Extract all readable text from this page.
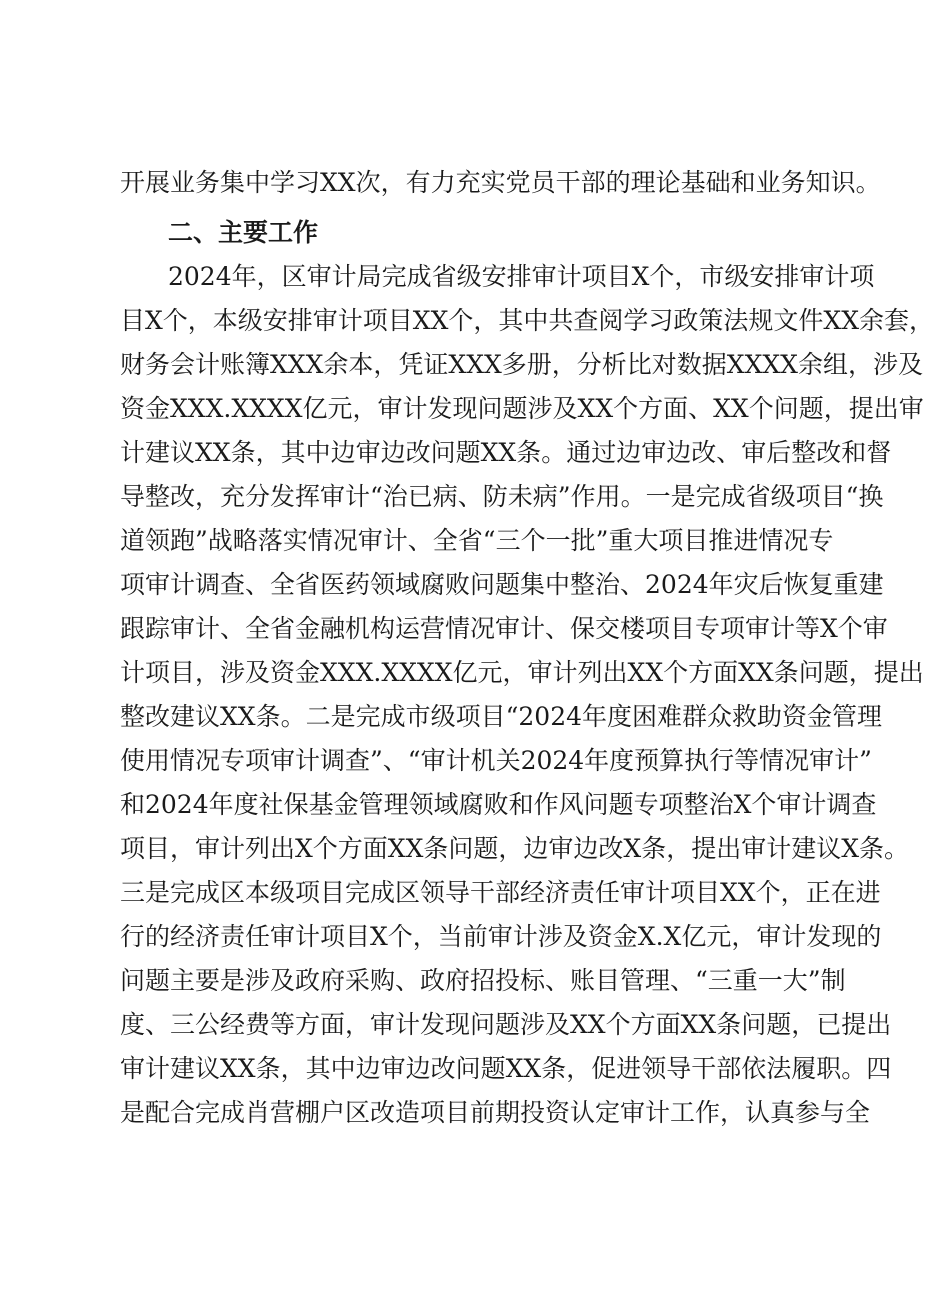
开展业务集中学习XX次，有力充实党员干部的理论基础和业务知识。
二、主要工作
2024年，区审计局完成省级安排审计项目X个，市级安排审计项
目X个，本级安排审计项目XX个，其中共查阅学习政策法规文件XX余套，
财务会计账簿XXX余本，凭证XXX多册，分析比对数据XXXX余组，涉及
资金XXX.XXXX亿元，审计发现问题涉及XX个方面、XX个问题，提出审
计建议XX条，其中边审边改问题XX条。通过边审边改、审后整改和督
导整改，充分发挥审计“治已病、防未病”作用。一是完成省级项目“换
道领跑”战略落实情况审计、全省“三个一批”重大项目推进情况专
项审计调查、全省医药领域腐败问题集中整治、2024年灾后恢复重建
跟踪审计、全省金融机构运营情况审计、保交楼项目专项审计等X个审
计项目，涉及资金XXX.XXXX亿元，审计列出XX个方面XX条问题，提出
整改建议XX条。二是完成市级项目“2024年度困难群众救助资金管理
使用情况专项审计调查”、“审计机关2024年度预算执行等情况审计”
和2024年度社保基金管理领域腐败和作风问题专项整治X个审计调查
项目，审计列出X个方面XX条问题，边审边改X条，提出审计建议X条。
三是完成区本级项目完成区领导干部经济责任审计项目XX个，正在进
行的经济责任审计项目X个，当前审计涉及资金X.X亿元，审计发现的
问题主要是涉及政府采购、政府招投标、账目管理、“三重一大”制
度、三公经费等方面，审计发现问题涉及XX个方面XX条问题，已提出
审计建议XX条，其中边审边改问题XX条，促进领导干部依法履职。四
是配合完成肖营棚户区改造项目前期投资认定审计工作，认真参与全
